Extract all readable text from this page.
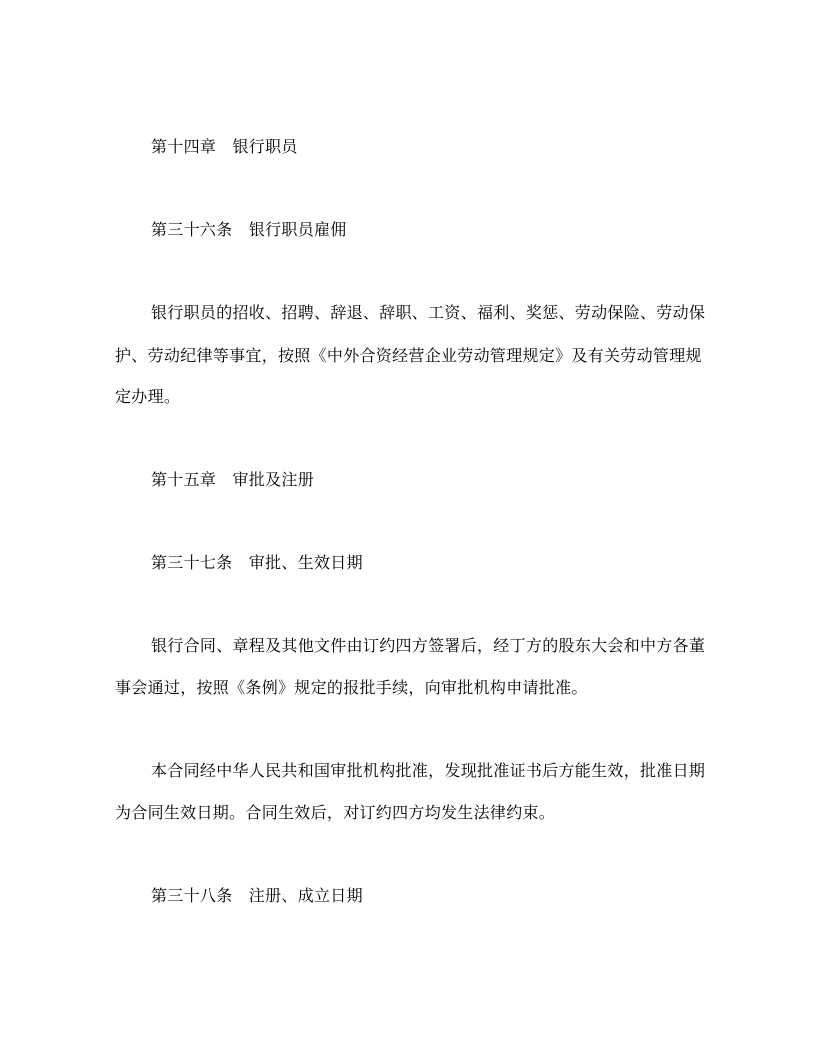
第十四章　银行职员
第三十六条　银行职员雇佣
银行职员的招收、招聘、辞退、辞职、工资、福利、奖惩、劳动保险、劳动保
护、劳动纪律等事宜，按照《中外合资经营企业劳动管理规定》及有关劳动管理规
定办理。
第十五章　审批及注册
第三十七条　审批、生效日期
银行合同、章程及其他文件由订约四方签署后，经丁方的股东大会和中方各董
事会通过，按照《条例》规定的报批手续，向审批机构申请批准。
本合同经中华人民共和国审批机构批准，发现批准证书后方能生效，批准日期
为合同生效日期。合同生效后，对订约四方均发生法律约束。
第三十八条　注册、成立日期
